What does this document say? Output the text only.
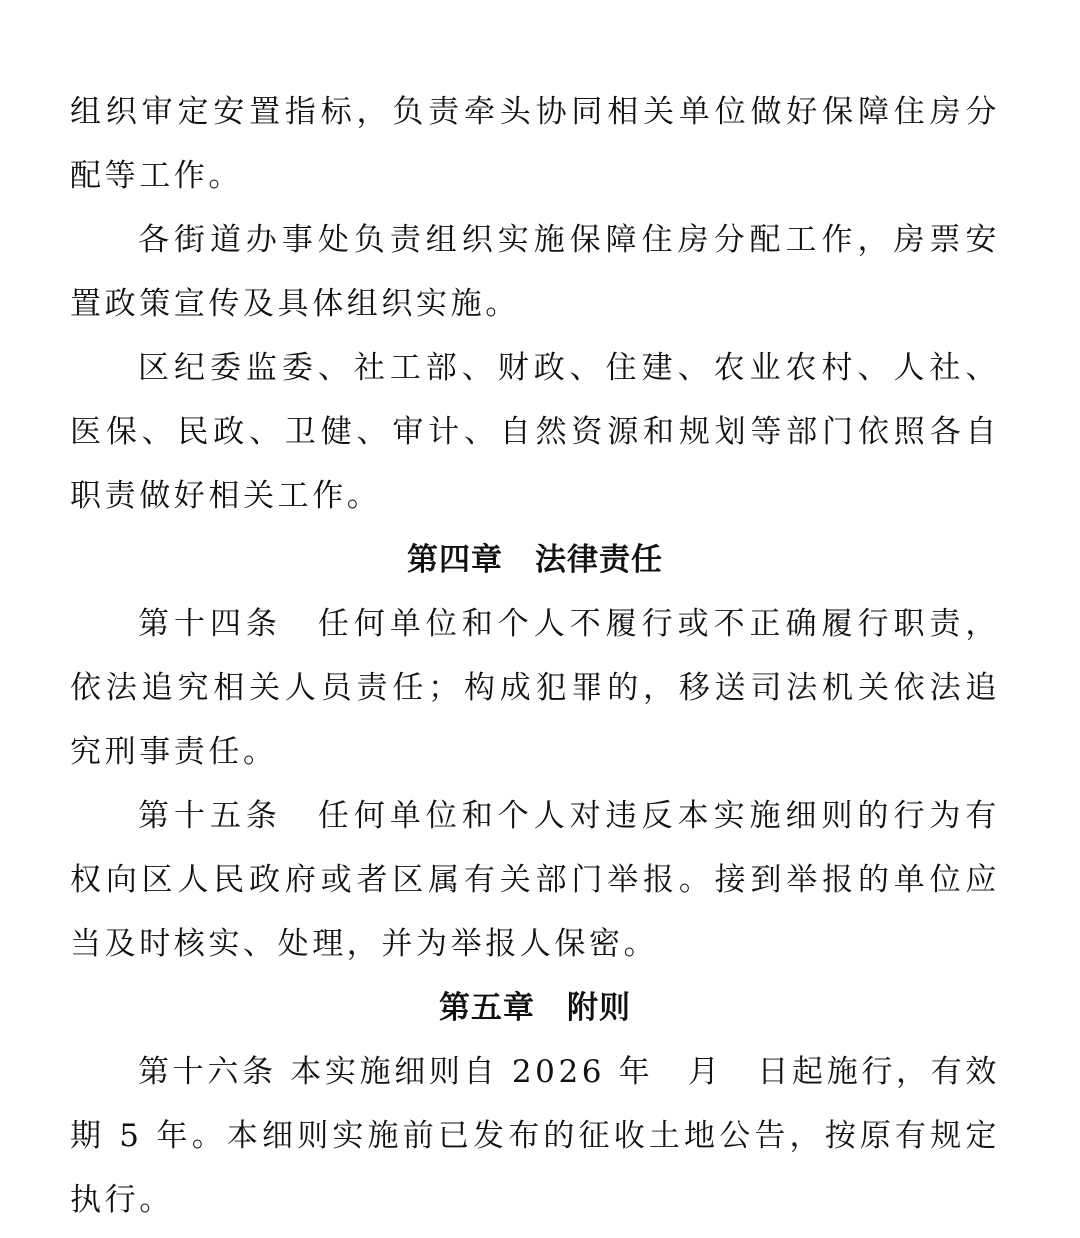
组织审定安置指标，负责牵头协同相关单位做好保障住房分配等工作。

各街道办事处负责组织实施保障住房分配工作，房票安置政策宣传及具体组织实施。

区纪委监委、社工部、财政、住建、农业农村、人社、医保、民政、卫健、审计、自然资源和规划等部门依照各自职责做好相关工作。

第四章　法律责任

第十四条　任何单位和个人不履行或不正确履行职责，依法追究相关人员责任；构成犯罪的，移送司法机关依法追究刑事责任。

第十五条　任何单位和个人对违反本实施细则的行为有权向区人民政府或者区属有关部门举报。接到举报的单位应当及时核实、处理，并为举报人保密。

第五章　附则

第十六条 本实施细则自 2026 年　月　日起施行，有效期 5 年。本细则实施前已发布的征收土地公告，按原有规定执行。
